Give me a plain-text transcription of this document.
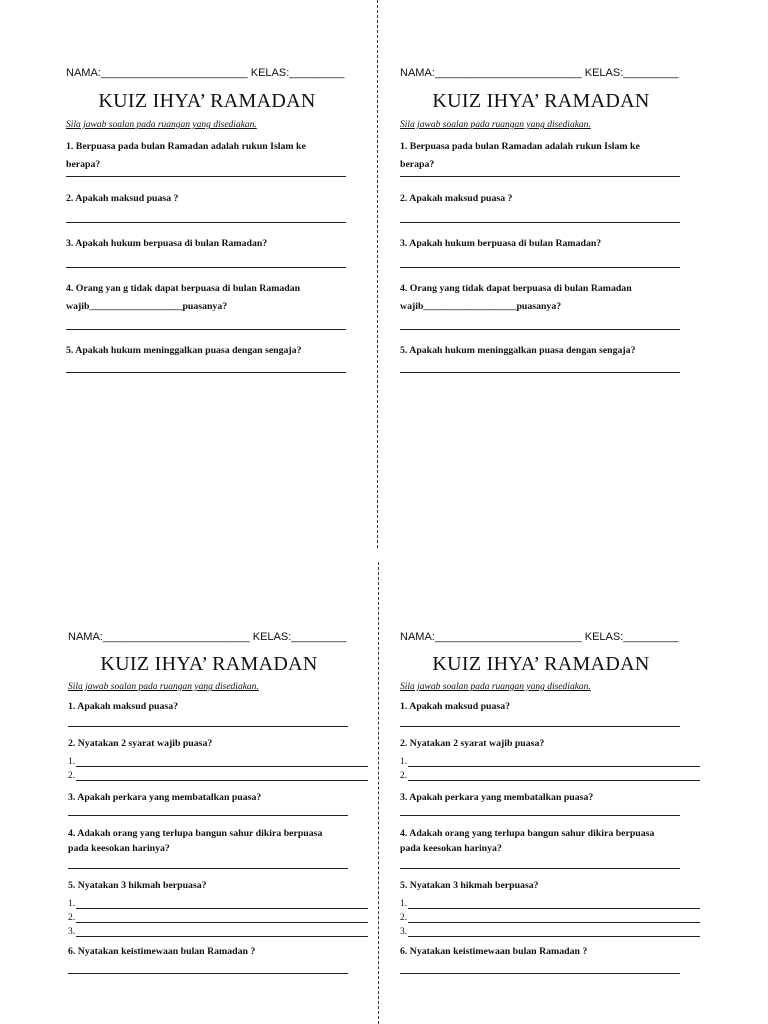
NAMA:________________________ KELAS:_________
KUIZ IHYA’ RAMADAN
Sila jawab soalan pada ruangan yang disediakan.
1. Berpuasa pada bulan Ramadan adalah rukun Islam ke
berapa?
2. Apakah maksud puasa ?
3. Apakah hukum berpuasa di bulan Ramadan?
4. Orang yan g tidak dapat berpuasa di bulan Ramadan
wajib___________________puasanya?
5. Apakah hukum meninggalkan puasa dengan sengaja?
NAMA:________________________ KELAS:_________
KUIZ IHYA’ RAMADAN
Sila jawab soalan pada ruangan yang disediakan.
1. Berpuasa pada bulan Ramadan adalah rukun Islam ke
berapa?
2. Apakah maksud puasa ?
3. Apakah hukum berpuasa di bulan Ramadan?
4. Orang yang tidak dapat berpuasa di bulan Ramadan
wajib___________________puasanya?
5. Apakah hukum meninggalkan puasa dengan sengaja?
NAMA:________________________ KELAS:_________
KUIZ IHYA’ RAMADAN
Sila jawab soalan pada ruangan yang disediakan.
1. Apakah maksud puasa?
2. Nyatakan 2 syarat wajib puasa?
1.
2.
3. Apakah perkara yang membatalkan puasa?
4. Adakah orang yang terlupa bangun sahur dikira berpuasa
pada keesokan harinya?
5. Nyatakan 3 hikmah berpuasa?
1.
2.
3.
6. Nyatakan keistimewaan bulan Ramadan ?
NAMA:________________________ KELAS:_________
KUIZ IHYA’ RAMADAN
Sila jawab soalan pada ruangan yang disediakan.
1. Apakah maksud puasa?
2. Nyatakan 2 syarat wajib puasa?
1.
2.
3. Apakah perkara yang membatalkan puasa?
4. Adakah orang yang terlupa bangun sahur dikira berpuasa
pada keesokan harinya?
5. Nyatakan 3 hikmah berpuasa?
1.
2.
3.
6. Nyatakan keistimewaan bulan Ramadan ?
